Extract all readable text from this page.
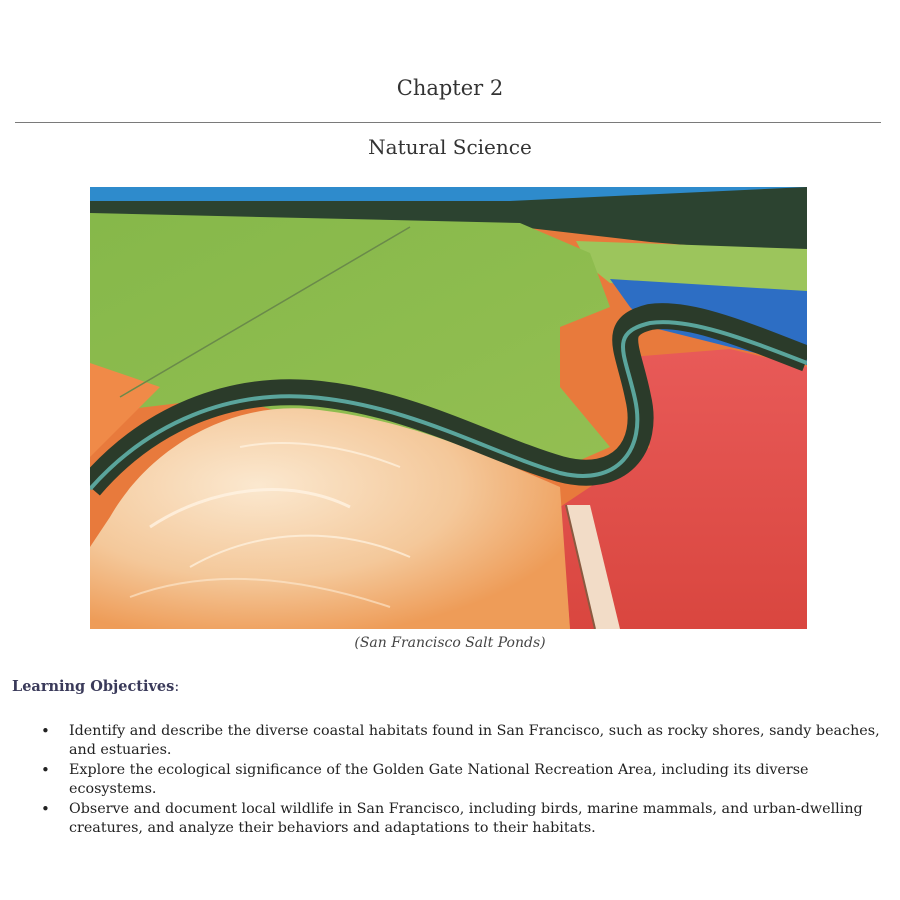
Chapter 2
Natural Science
(San Francisco Salt Ponds)
Learning Objectives:
• Identify and describe the diverse coastal habitats found in San Francisco, such as rocky shores, sandy beaches, and estuaries.
• Explore the ecological significance of the Golden Gate National Recreation Area, including its diverse ecosystems.
• Observe and document local wildlife in San Francisco, including birds, marine mammals, and urban-dwelling creatures, and analyze their behaviors and adaptations to their habitats.
